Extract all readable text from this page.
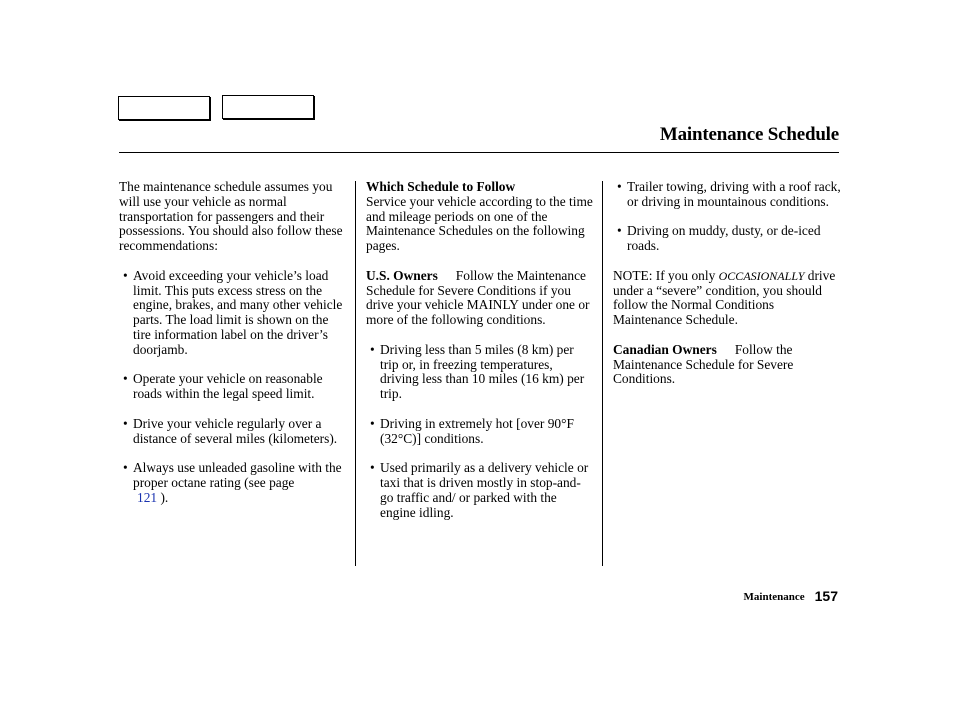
Maintenance Schedule

The maintenance schedule assumes you will use your vehicle as normal transportation for passengers and their possessions. You should also follow these recommendations:

• Avoid exceeding your vehicle’s load limit. This puts excess stress on the engine, brakes, and many other vehicle parts. The load limit is shown on the tire information label on the driver’s doorjamb.
• Operate your vehicle on reasonable roads within the legal speed limit.
• Drive your vehicle regularly over a distance of several miles (kilometers).
• Always use unleaded gasoline with the proper octane rating (see page
121 ).

Which Schedule to Follow
Service your vehicle according to the time and mileage periods on one of the Maintenance Schedules on the following pages.

U.S. Owners Follow the Maintenance Schedule for Severe Conditions if you drive your vehicle MAINLY under one or more of the following conditions.

• Driving less than 5 miles (8 km) per trip or, in freezing temperatures, driving less than 10 miles (16 km) per trip.
• Driving in extremely hot [over 90°F (32°C)] conditions.
• Used primarily as a delivery vehicle or taxi that is driven mostly in stop-and-go traffic and/ or parked with the engine idling.
• Trailer towing, driving with a roof rack, or driving in mountainous conditions.
• Driving on muddy, dusty, or de-iced roads.

NOTE: If you only OCCASIONALLY drive under a “severe” condition, you should follow the Normal Conditions Maintenance Schedule.

Canadian Owners Follow the Maintenance Schedule for Severe Conditions.

Maintenance 157
